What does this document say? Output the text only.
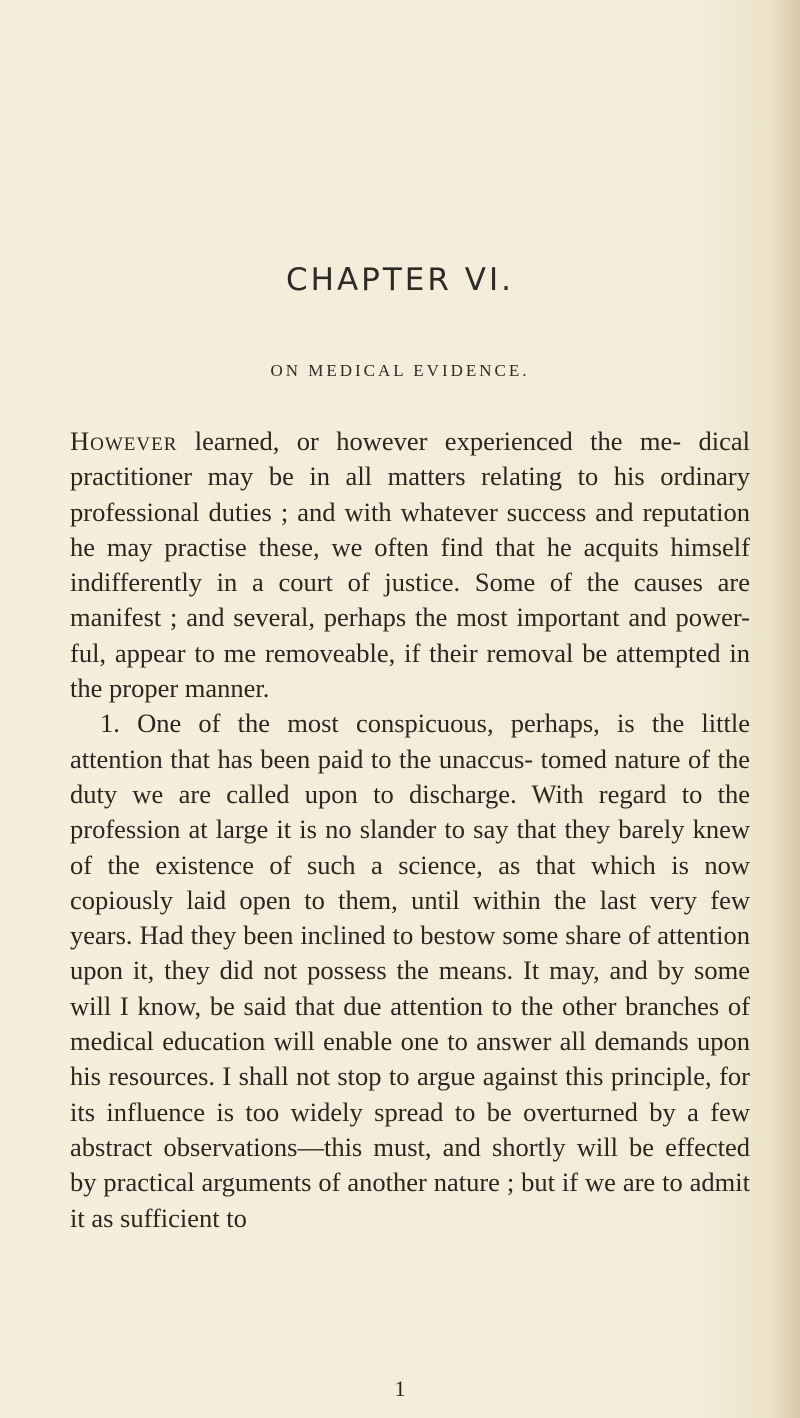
CHAPTER VI.
ON MEDICAL EVIDENCE.

However learned, or however experienced the me- dical practitioner may be in all matters relating to his ordinary professional duties ; and with whatever success and reputation he may practise these, we often find that he acquits himself indifferently in a court of justice. Some of the causes are manifest ; and several, perhaps the most important and power- ful, appear to me removeable, if their removal be attempted in the proper manner.

1. One of the most conspicuous, perhaps, is the little attention that has been paid to the unaccus- tomed nature of the duty we are called upon to discharge. With regard to the profession at large it is no slander to say that they barely knew of the existence of such a science, as that which is now copiously laid open to them, until within the last very few years. Had they been inclined to bestow some share of attention upon it, they did not possess the means. It may, and by some will I know, be said that due attention to the other branches of medical education will enable one to answer all demands upon his resources. I shall not stop to argue against this principle, for its influence is too widely spread to be overturned by a few abstract observations—this must, and shortly will be effected by practical arguments of another nature ; but if we are to admit it as sufficient to

1
